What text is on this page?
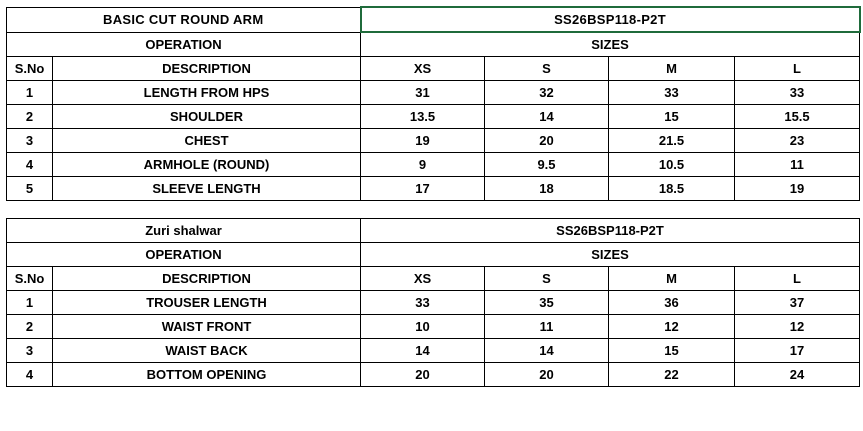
BASIC CUT ROUND ARM		SS26BSP118-P2T			
OPERATION		SIZES			
S.No	DESCRIPTION	XS	S	M	L
1	LENGTH FROM HPS	31	32	33	33
2	SHOULDER	13.5	14	15	15.5
3	CHEST	19	20	21.5	23
4	ARMHOLE (ROUND)	9	9.5	10.5	11
5	SLEEVE LENGTH	17	18	18.5	19
Zuri shalwar		SS26BSP118-P2T			
OPERATION		SIZES			
S.No	DESCRIPTION	XS	S	M	L
1	TROUSER LENGTH	33	35	36	37
2	WAIST FRONT	10	11	12	12
3	WAIST BACK	14	14	15	17
4	BOTTOM OPENING	20	20	22	24
